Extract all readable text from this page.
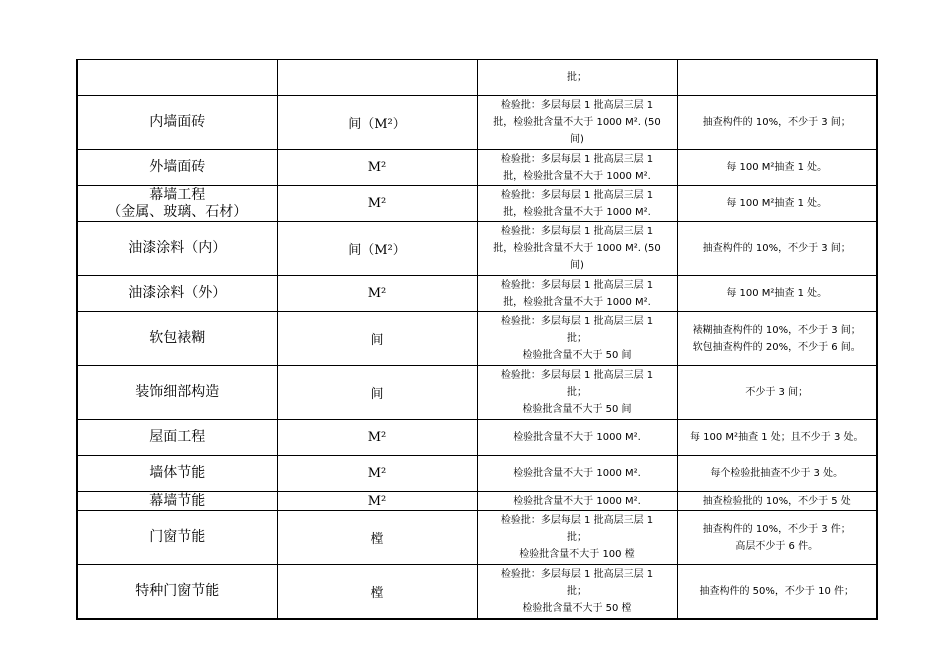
		批；	

内墙面砖	间（M²）	检验批：多层每层 1 批高层三层 1
批，检验批含量不大于 1000 M². (50
间)	抽查构件的 10%，不少于 3 间；

外墙面砖	M²	检验批：多层每层 1 批高层三层 1
批，检验批含量不大于 1000 M².	每 100 M²抽查 1 处。

幕墙工程
（金属、玻璃、石材）	M²	检验批：多层每层 1 批高层三层 1
批，检验批含量不大于 1000 M².	每 100 M²抽查 1 处。

油漆涂料（内）	间（M²）	检验批：多层每层 1 批高层三层 1
批，检验批含量不大于 1000 M². (50
间)	抽查构件的 10%，不少于 3 间；

油漆涂料（外）	M²	检验批：多层每层 1 批高层三层 1
批，检验批含量不大于 1000 M².	每 100 M²抽查 1 处。

软包裱糊	间	检验批：多层每层 1 批高层三层 1
批；
检验批含量不大于 50 间	裱糊抽查构件的 10%，不少于 3 间；
软包抽查构件的 20%，不少于 6 间。

装饰细部构造	间	检验批：多层每层 1 批高层三层 1
批；
检验批含量不大于 50 间	不少于 3 间；

屋面工程	M²	检验批含量不大于 1000 M².	每 100 M²抽查 1 处；且不少于 3 处。

墙体节能	M²	检验批含量不大于 1000 M².	每个检验批抽查不少于 3 处。

幕墙节能	M²	检验批含量不大于 1000 M².	抽查检验批的 10%，不少于 5 处

门窗节能	樘	检验批：多层每层 1 批高层三层 1
批；
检验批含量不大于 100 樘	抽查构件的 10%，不少于 3 件；
高层不少于 6 件。

特种门窗节能	樘	检验批：多层每层 1 批高层三层 1
批；
检验批含量不大于 50 樘	抽查构件的 50%，不少于 10 件；
